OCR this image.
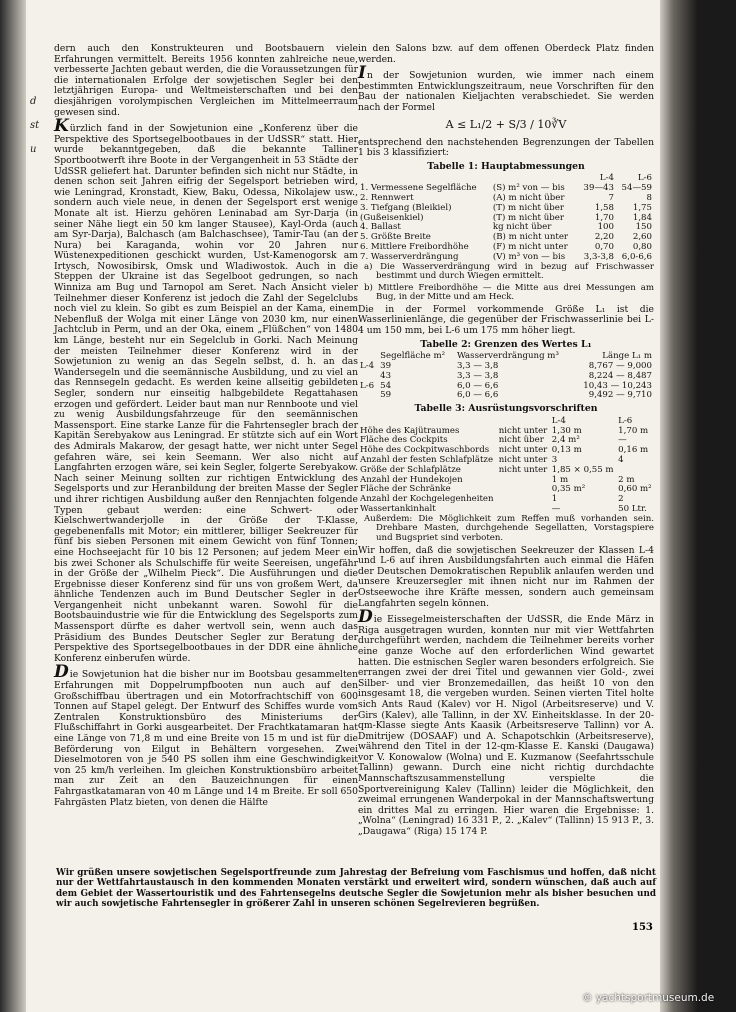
d
st
u

dern auch den Konstrukteuren und Bootsbauern viele Erfahrungen vermittelt. Bereits 1956 konnten zahlreiche neue, verbesserte Jachten gebaut werden, die die Voraussetzungen für die internationalen Erfolge der sowjetischen Segler bei den letztjährigen Europa- und Weltmeisterschaften und bei den diesjährigen vorolympischen Vergleichen im Mittelmeerraum gewesen sind.

Kürzlich fand in der Sowjetunion eine „Konferenz über die Perspektive des Sportsegelbootbaues in der UdSSR“ statt. Hier wurde bekanntgegeben, daß die bekannte Talliner Sportbootwerft ihre Boote in der Vergangenheit in 53 Städte der UdSSR geliefert hat. Darunter befinden sich nicht nur Städte, in denen schon seit Jahren eifrig der Segelsport betrieben wird, wie Leningrad, Kronstadt, Kiew, Baku, Odessa, Nikolajew usw., sondern auch viele neue, in denen der Segelsport erst wenige Monate alt ist. Hierzu gehören Leninabad am Syr-Darja (in seiner Nähe liegt ein 50 km langer Stausee), Kayl-Orda (auch am Syr-Darja), Balchasch (am Balchaschsee), Tamir-Tau (an der Nura) bei Karaganda, wohin vor 20 Jahren nur Wüstenexpeditionen geschickt wurden, Ust-Kamenogorsk am Irtysch, Nowosibirsk, Omsk und Wladiwostok. Auch in die Steppen der Ukraine ist das Segelboot gedrungen, so nach Winniza am Bug und Tarnopol am Seret. Nach Ansicht vieler Teilnehmer dieser Konferenz ist jedoch die Zahl der Segelclubs noch viel zu klein. So gibt es zum Beispiel an der Kama, einem Nebenfluß der Wolga mit einer Länge von 2030 km, nur einen Jachtclub in Perm, und an der Oka, einem „Flüßchen“ von 1480 km Länge, besteht nur ein Segelclub in Gorki. Nach Meinung der meisten Teilnehmer dieser Konferenz wird in der Sowjetunion zu wenig an das Segeln selbst, d. h. an das Wandersegeln und die seemännische Ausbildung, und zu viel an das Rennsegeln gedacht. Es werden keine allseitig gebildeten Segler, sondern nur einseitig halbgebildete Regattahasen erzogen und gefördert. Leider baut man nur Rennboote und viel zu wenig Ausbildungsfahrzeuge für den seemännischen Massensport. Eine starke Lanze für die Fahrtensegler brach der Kapitän Serebyakow aus Leningrad. Er stützte sich auf ein Wort des Admirals Makarow, der gesagt hatte, wer nicht unter Segel gefahren wäre, sei kein Seemann. Wer also nicht auf Langfahrten erzogen wäre, sei kein Segler, folgerte Serebyakow. Nach seiner Meinung sollten zur richtigen Entwicklung des Segelsports und zur Heranbildung der breiten Masse der Segler und ihrer richtigen Ausbildung außer den Rennjachten folgende Typen gebaut werden: eine Schwert- oder Kielschwertwanderjolle in der Größe der T-Klasse, gegebenenfalls mit Motor; ein mittlerer, billiger Seekreuzer für fünf bis sieben Personen mit einem Gewicht von fünf Tonnen; eine Hochseejacht für 10 bis 12 Personen; auf jedem Meer ein bis zwei Schoner als Schulschiffe für weite Seereisen, ungefähr in der Größe der „Wilhelm Pieck“. Die Ausführungen und die Ergebnisse dieser Konferenz sind für uns von großem Wert, da ähnliche Tendenzen auch im Bund Deutscher Segler in der Vergangenheit nicht unbekannt waren. Sowohl für die Bootsbauindustrie wie für die Entwicklung des Segelsports zum Massensport dürfte es daher wertvoll sein, wenn auch das Präsidium des Bundes Deutscher Segler zur Beratung der Perspektive des Sportsegelbootbaues in der DDR eine ähnliche Konferenz einberufen würde.

Die Sowjetunion hat die bisher nur im Bootsbau gesammelten Erfahrungen mit Doppelrumpfbooten nun auch auf den Großschiffbau übertragen und ein Motorfrachtschiff von 600 Tonnen auf Stapel gelegt. Der Entwurf des Schiffes wurde vom Zentralen Konstruktionsbüro des Ministeriums der Flußschiffahrt in Gorki ausgearbeitet. Der Frachtkatamaran hat eine Länge von 71,8 m und eine Breite von 15 m und ist für die Beförderung von Eilgut in Behältern vorgesehen. Zwei Dieselmotoren von je 540 PS sollen ihm eine Geschwindigkeit von 25 km/h verleihen. Im gleichen Konstruktionsbüro arbeitet man zur Zeit an den Bauzeichnungen für einen Fahrgastkatamaran von 40 m Länge und 14 m Breite. Er soll 650 Fahrgästen Platz bieten, von denen die Hälfte

in den Salons bzw. auf dem offenen Oberdeck Platz finden werden.

In der Sowjetunion wurden, wie immer nach einem bestimmten Entwicklungszeitraum, neue Vorschriften für den Bau der nationalen Kieljachten verabschiedet. Sie werden nach der Formel

A ≤ L₁/2 + S/3 / 10∛V

entsprechend den nachstehenden Begrenzungen der Tabellen 1 bis 3 klassifiziert:

Tabelle 1: Hauptabmessungen
		L-4	L-6
1. Vermessene Segelfläche	(S) m² von — bis	39—43	54—59
2. Rennwert	(A) m nicht über	7	8
3. Tiefgang (Bleikiel)	(T) m nicht über	1,58	1,75
(Gußeisenkiel)	(T) m nicht über	1,70	1,84
4. Ballast	kg nicht über	100	150
5. Größte Breite	(B) m nicht unter	2,20	2,60
6. Mittlere Freibordhöhe	(F) m nicht unter	0,70	0,80
7. Wasserverdrängung	(V) m³ von — bis	3,3-3,8	6,0-6,6

a) Die Wasserverdrängung wird in bezug auf Frischwasser bestimmt und durch Wiegen ermittelt.

b) Mittlere Freibordhöhe — die Mitte aus drei Messungen am Bug, in der Mitte und am Heck.

Die in der Formel vorkommende Größe L₁ ist die Wasserlinienlänge, die gegenüber der Frischwasserlinie bei L-4 um 150 mm, bei L-6 um 175 mm höher liegt.

Tabelle 2: Grenzen des Wertes L₁
	Segelfläche m²	Wasserverdrängung m³	Länge L₁ m
L-4	39	3,3 — 3,8	8,767 — 9,000
	43	3,3 — 3,8	8,224 — 8,487
L-6	54	6,0 — 6,6	10,43 — 10,243
	59	6,0 — 6,6	9,492 — 9,710
Tabelle 3: Ausrüstungsvorschriften
		L-4	L-6
Höhe des Kajütraumes	nicht unter	1,30 m	1,70 m
Fläche des Cockpits	nicht über	2,4 m²	—
Höhe des Cockpitwaschbords	nicht unter	0,13 m	0,16 m
Anzahl der festen Schlafplätze	nicht unter	3	4
Größe der Schlafplätze	nicht unter	1,85 × 0,55 m	
Anzahl der Hundekojen		1 m	2 m
Fläche der Schränke		0,35 m²	0,60 m²
Anzahl der Kochgelegenheiten		1	2
Wassertankinhalt		—	50 Ltr.

Außerdem: Die Möglichkeit zum Reffen muß vorhanden sein. Drehbare Masten, durchgehende Segellatten, Vorstagspiere und Bugspriet sind verboten.

Wir hoffen, daß die sowjetischen Seekreuzer der Klassen L-4 und L-6 auf ihren Ausbildungsfahrten auch einmal die Häfen der Deutschen Demokratischen Republik anlaufen werden und unsere Kreuzersegler mit ihnen nicht nur im Rahmen der Ostseewoche ihre Kräfte messen, sondern auch gemeinsam Langfahrten segeln können.

Die Eissegelmeisterschaften der UdSSR, die Ende März in Riga ausgetragen wurden, konnten nur mit vier Wettfahrten durchgeführt werden, nachdem die Teilnehmer bereits vorher eine ganze Woche auf den erforderlichen Wind gewartet hatten. Die estnischen Segler waren besonders erfolgreich. Sie errangen zwei der drei Titel und gewannen vier Gold-, zwei Silber- und vier Bronzemedaillen, das heißt 10 von den insgesamt 18, die vergeben wurden. Seinen vierten Titel holte sich Ants Raud (Kalev) vor H. Nigol (Arbeitsreserve) und V. Girs (Kalev), alle Tallinn, in der XV. Einheitsklasse. In der 20-qm-Klasse siegte Ants Kaasik (Arbeitsreserve Tallinn) vor A. Dmitrijew (DOSAAF) und A. Schapotschkin (Arbeitsreserve), während den Titel in der 12-qm-Klasse E. Kanski (Daugawa) vor V. Konowalow (Wolna) und E. Kuzmanow (Seefahrtsschule Tallinn) gewann. Durch eine nicht richtig durchdachte Mannschaftszusammenstellung verspielte die Sportvereinigung Kalev (Tallinn) leider die Möglichkeit, den zweimal errungenen Wanderpokal in der Mannschaftswertung ein drittes Mal zu erringen. Hier waren die Ergebnisse: 1. „Wolna“ (Leningrad) 16 331 P., 2. „Kalev“ (Tallinn) 15 913 P., 3. „Daugawa“ (Riga) 15 174 P.

Wir grüßen unsere sowjetischen Segelsportfreunde zum Jahrestag der Befreiung vom Faschismus und hoffen, daß nicht nur der Wettfahrtaustausch in den kommenden Monaten verstärkt und erweitert wird, sondern wünschen, daß auch auf dem Gebiet der Wassertouristik und des Fahrtensegelns deutsche Segler die Sowjetunion mehr als bisher besuchen und wir auch sowjetische Fahrtensegler in größerer Zahl in unseren schönen Segelrevieren begrüßen.
153
© yachtsportmuseum.de
